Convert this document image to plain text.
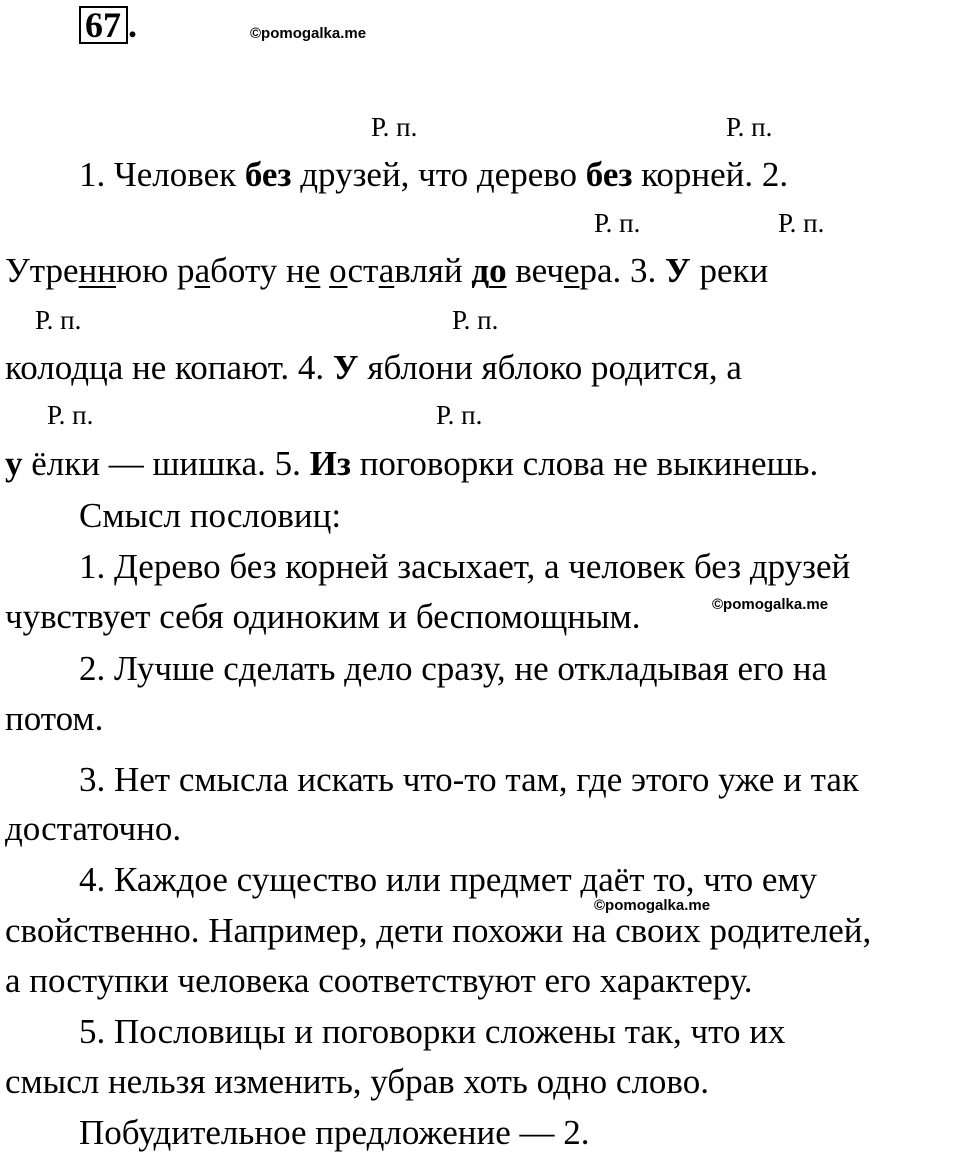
67 .	©pomogalka.me
Р. п.	Р. п.
Р. п.	Р. п.
Р. п.	Р. п.
Р. п.	Р. п.
1. Человек без друзей, что дерево без корней. 2.
Утреннюю работу не оставляй до вечера. 3. У реки
колодца не копают. 4. У яблони яблоко родится, а
у ёлки — шишка. 5. Из поговорки слова не выкинешь.
Смысл пословиц:
1. Дерево без корней засыхает, а человек без друзей
чувствует себя одиноким и беспомощным.	©pomogalka.me
2. Лучше сделать дело сразу, не откладывая его на
потом.
3. Нет смысла искать что-то там, где этого уже и так
достаточно.
4. Каждое существо или предмет даёт то, что ему
©pomogalka.me
свойственно. Например, дети похожи на своих родителей,
а поступки человека соответствуют его характеру.
5. Пословицы и поговорки сложены так, что их
смысл нельзя изменить, убрав хоть одно слово.
Побудительное предложение — 2.
